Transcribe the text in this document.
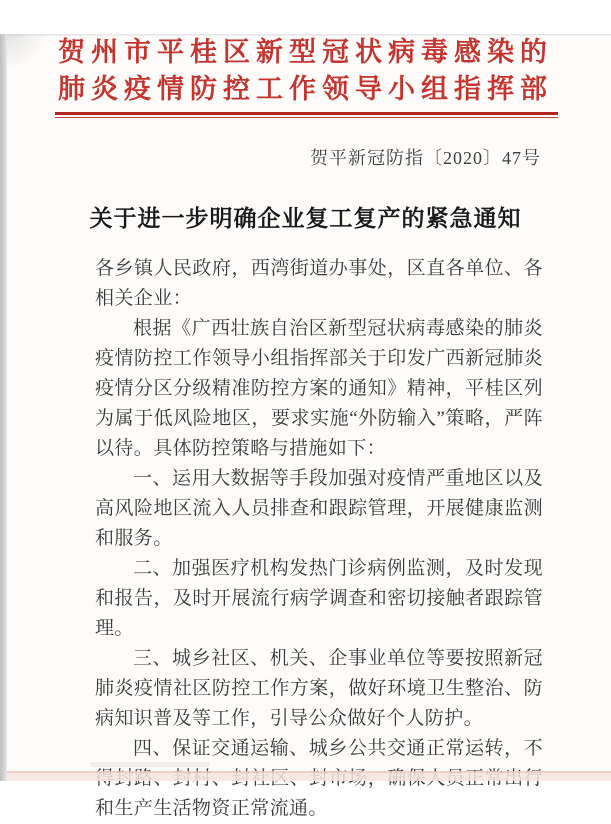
贺州市平桂区新型冠状病毒感染的
肺炎疫情防控工作领导小组指挥部
贺平新冠防指〔2020〕47号
关于进一步明确企业复工复产的紧急通知

各乡镇人民政府，西湾街道办事处，区直各单位、各相关企业：

根据《广西壮族自治区新型冠状病毒感染的肺炎疫情防控工作领导小组指挥部关于印发广西新冠肺炎疫情分区分级精准防控方案的通知》精神，平桂区列为属于低风险地区，要求实施“外防输入”策略，严阵以待。具体防控策略与措施如下：

一、运用大数据等手段加强对疫情严重地区以及高风险地区流入人员排查和跟踪管理，开展健康监测和服务。

二、加强医疗机构发热门诊病例监测，及时发现和报告，及时开展流行病学调查和密切接触者跟踪管理。

三、城乡社区、机关、企事业单位等要按照新冠肺炎疫情社区防控工作方案，做好环境卫生整治、防病知识普及等工作，引导公众做好个人防护。

四、保证交通运输、城乡公共交通正常运转，不 和生产生活物资正常流通。
